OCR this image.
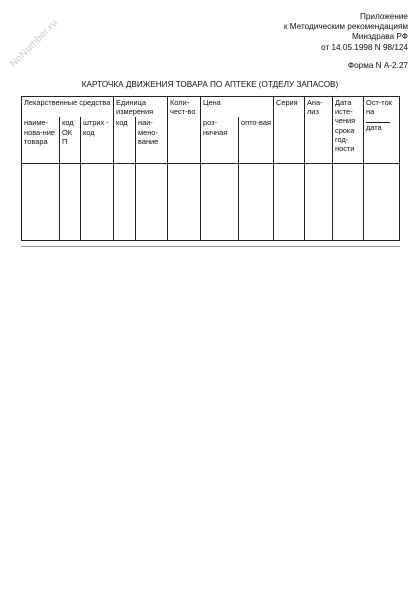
NoNumber.ru
Приложение
к Методическим рекомендациям
Минздрава РФ
от 14.05.1998 N 98/124
Форма N А-2.27
КАРТОЧКА ДВИЖЕНИЯ ТОВАРА ПО АПТЕКЕ (ОТДЕЛУ ЗАПАСОВ)
Лекарственные средства			Единица измерения		Коли-чест-во	Цена		Серия	Ана-лиз	Дата исте-чения срока год-ности	Ост-ток на
дата

наиме-нова-ние товара	код ОК П	штрих - код	код	наи-мено-вание		роз-ничная	опто-вая				
